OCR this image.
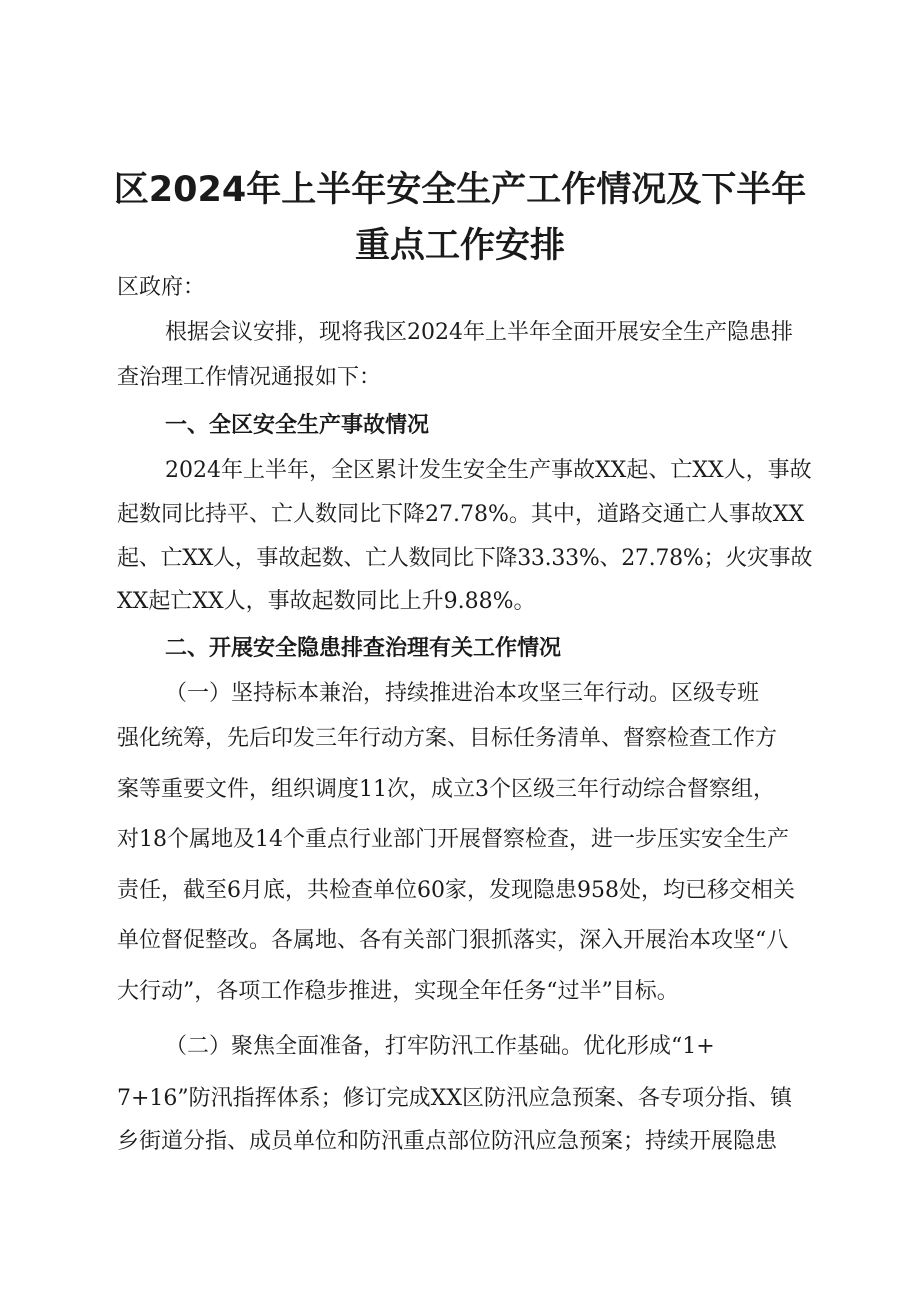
区2024年上半年安全生产工作情况及下半年
重点工作安排
区政府：
根据会议安排，现将我区2024年上半年全面开展安全生产隐患排
查治理工作情况通报如下：
一、全区安全生产事故情况
2024年上半年，全区累计发生安全生产事故XX起、亡XX人，事故
起数同比持平、亡人数同比下降27.78%。其中，道路交通亡人事故XX
起、亡XX人，事故起数、亡人数同比下降33.33%、27.78%；火灾事故
XX起亡XX人，事故起数同比上升9.88%。
二、开展安全隐患排查治理有关工作情况
（一）坚持标本兼治，持续推进治本攻坚三年行动。区级专班
强化统筹，先后印发三年行动方案、目标任务清单、督察检查工作方
案等重要文件，组织调度11次，成立3个区级三年行动综合督察组，
对18个属地及14个重点行业部门开展督察检查，进一步压实安全生产
责任，截至6月底，共检查单位60家，发现隐患958处，均已移交相关
单位督促整改。各属地、各有关部门狠抓落实，深入开展治本攻坚“八
大行动”，各项工作稳步推进，实现全年任务“过半”目标。
（二）聚焦全面准备，打牢防汛工作基础。优化形成“1+
7+16”防汛指挥体系；修订完成XX区防汛应急预案、各专项分指、镇
乡街道分指、成员单位和防汛重点部位防汛应急预案；持续开展隐患
